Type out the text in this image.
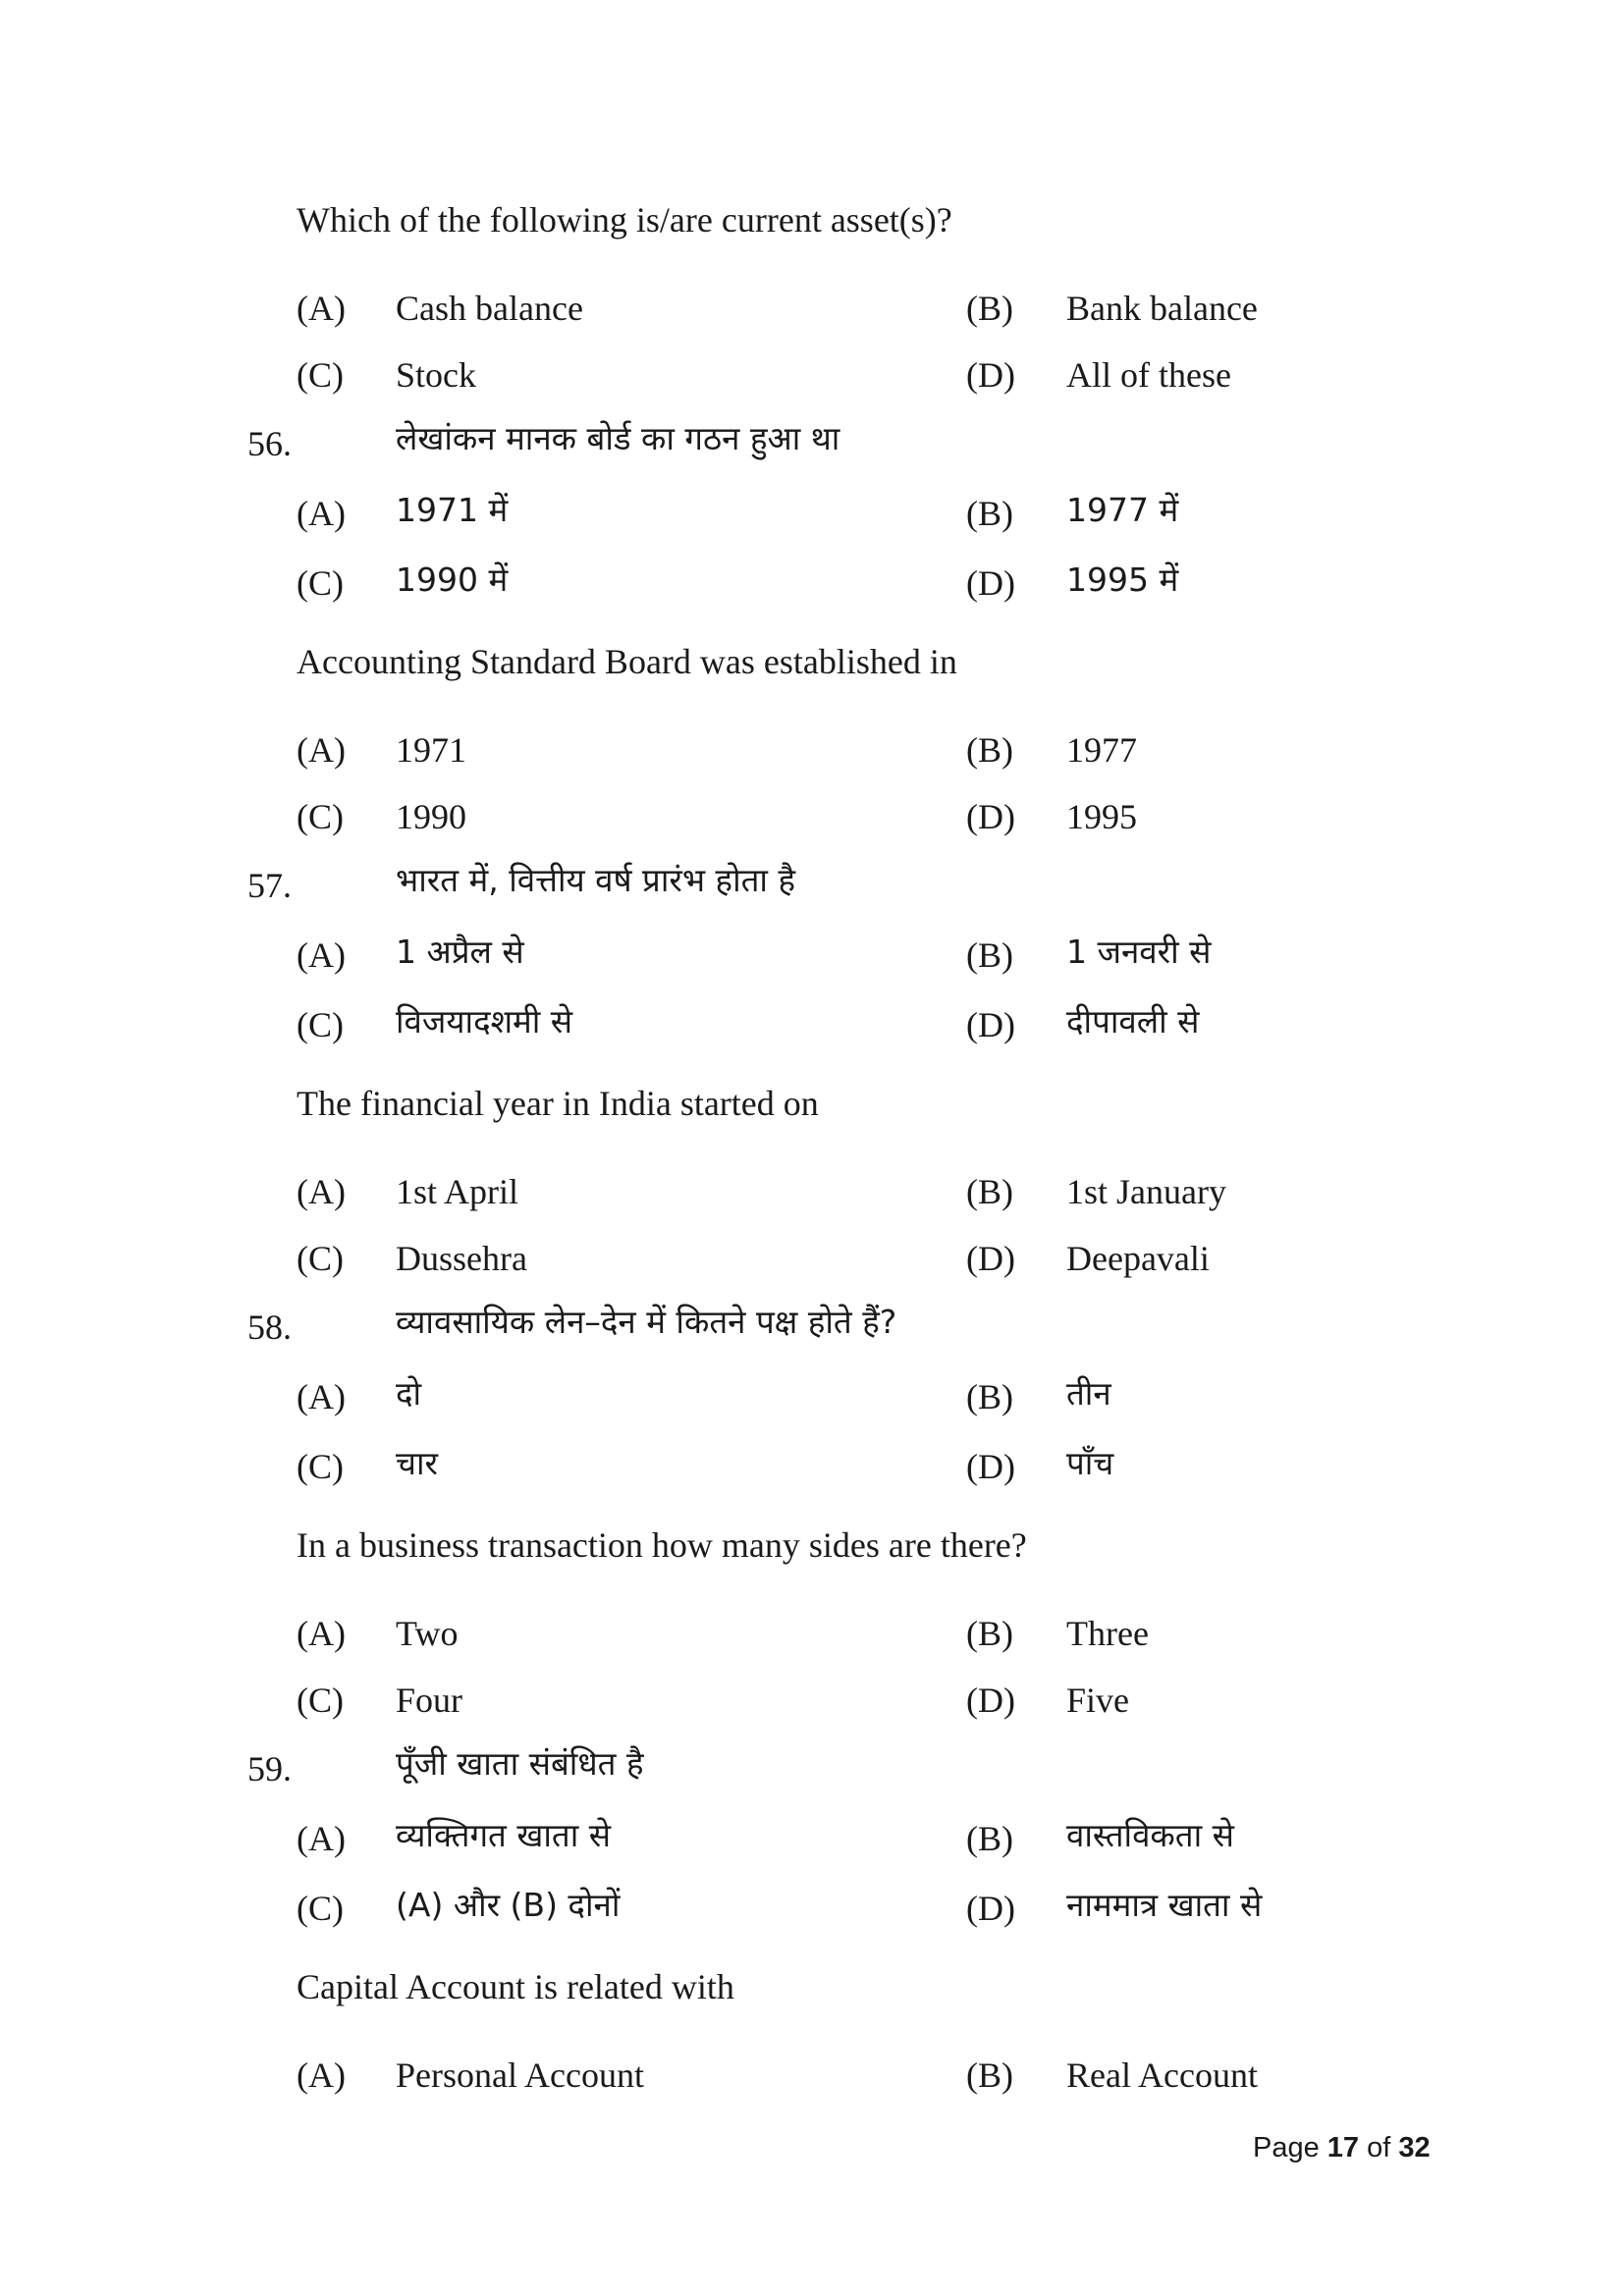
Which of the following is/are current asset(s)?
(A) Cash balance	(B) Bank balance
(C) Stock	(D) All of these
56.	लेखांकन मानक बोर्ड का गठन हुआ था
(A) 1971 में	(B) 1977 में
(C) 1990 में	(D) 1995 में
Accounting Standard Board was established in
(A) 1971	(B) 1977
(C) 1990	(D) 1995
57.	भारत में, वित्तीय वर्ष प्रारंभ होता है
(A) 1 अप्रैल से	(B) 1 जनवरी से
(C) विजयादशमी से	(D) दीपावली से
The financial year in India started on
(A) 1st April	(B) 1st January
(C) Dussehra	(D) Deepavali
58.	व्यावसायिक लेन–देन में कितने पक्ष होते हैं?
(A) दो	(B) तीन
(C) चार	(D) पाँच
In a business transaction how many sides are there?
(A) Two	(B) Three
(C) Four	(D) Five
59.	पूँजी खाता संबंधित है
(A) व्यक्तिगत खाता से	(B) वास्तविकता से
(C) (A) और (B) दोनों	(D) नाममात्र खाता से
Capital Account is related with
(A) Personal Account	(B) Real Account
Page 17 of 32
